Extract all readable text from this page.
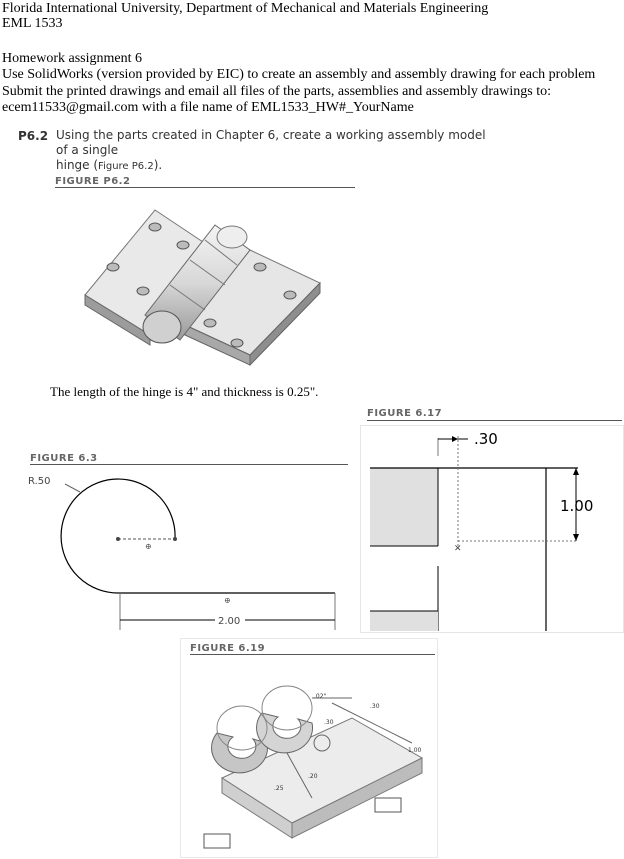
Florida International University, Department of Mechanical and Materials Engineering
EML 1533
Homework assignment 6
Use SolidWorks (version provided by EIC) to create an assembly and assembly drawing for each problem
Submit the printed drawings and email all files of the parts, assemblies and assembly drawings to:
ecem11533@gmail.com with a file name of EML1533_HW#_YourName
P6.2 Using the parts created in Chapter 6, create a working assembly model of a single
hinge (Figure P6.2).
FIGURE P6.2
The length of the hinge is 4" and thickness is 0.25".
FIGURE 6.17
✕
.30
1.00
FIGURE 6.3
⊕
⊕
R.50
2.00
FIGURE 6.19
.02"
.30
1.00
.20
.30
.25
